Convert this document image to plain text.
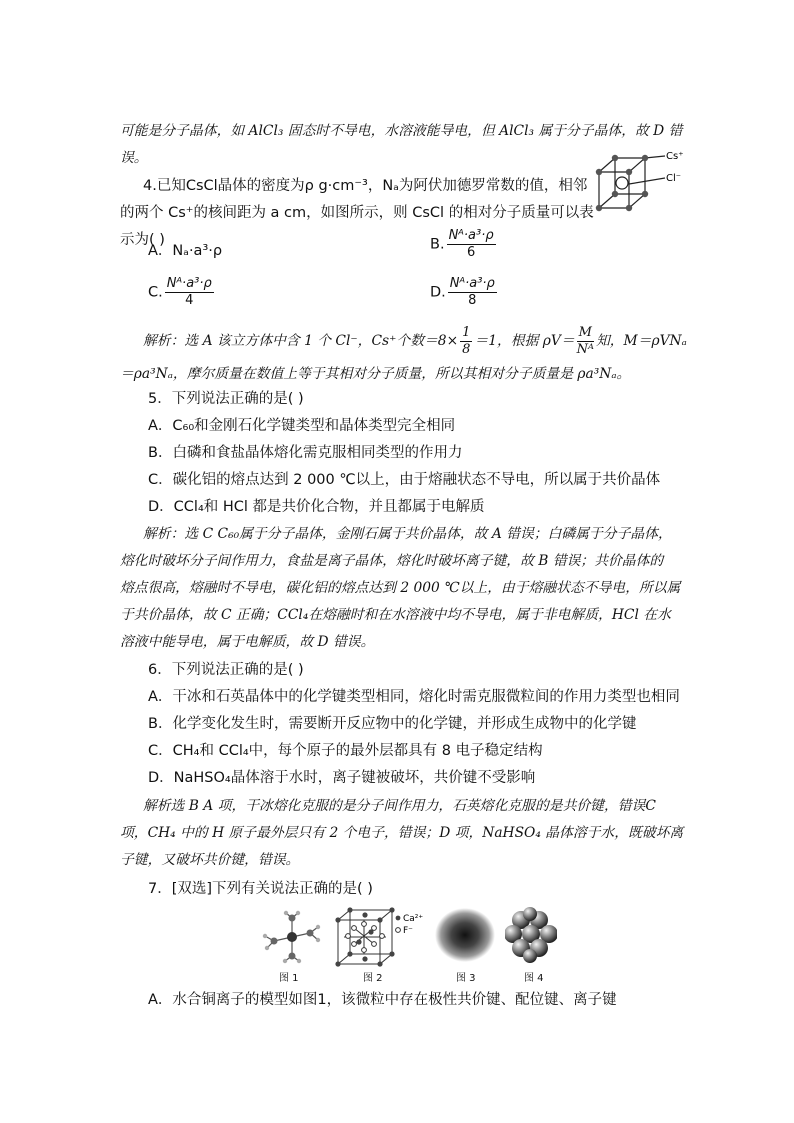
可能是分子晶体，如 AlCl₃ 固态时不导电，水溶液能导电，但 AlCl₃ 属于分子晶体，故 D 错
误。
4.已知CsCl晶体的密度为ρ g·cm⁻³，Nₐ为阿伏加德罗常数的值，相邻
的两个 Cs⁺的核间距为 a cm，如图所示，则 CsCl 的相对分子质量可以表
示为( )
Cs⁺
Cl⁻
A．Nₐ·a³·ρ	B. $\frac{\text{Nᴬ·a³·ρ}}{6}$
C. $\frac{\text{Nᴬ·a³·ρ}}{4}$	D. $\frac{\text{Nᴬ·a³·ρ}}{8}$
解析：选 A 该立方体中含 1 个 Cl⁻，Cs⁺个数$=8\times \frac{1}{8} =1$，根据 $\rho V= \frac{M}{\text{Nᴬ}}$ 知，M＝ρVNₐ
＝ρa³Nₐ，摩尔质量在数值上等于其相对分子质量，所以其相对分子质量是 ρa³Nₐ。
5．下列说法正确的是( )
A．C₆₀和金刚石化学键类型和晶体类型完全相同
B．白磷和食盐晶体熔化需克服相同类型的作用力
C．碳化铝的熔点达到 2 000 ℃以上，由于熔融状态不导电，所以属于共价晶体
D．CCl₄和 HCl 都是共价化合物，并且都属于电解质
解析：选 C C₆₀属于分子晶体，金刚石属于共价晶体，故 A 错误；白磷属于分子晶体，
熔化时破坏分子间作用力，食盐是离子晶体，熔化时破坏离子键，故 B 错误；共价晶体的
熔点很高，熔融时不导电，碳化铝的熔点达到 2 000 ℃以上，由于熔融状态不导电，所以属
于共价晶体，故 C 正确；CCl₄在熔融时和在水溶液中均不导电，属于非电解质，HCl 在水
溶液中能导电，属于电解质，故 D 错误。
6．下列说法正确的是( )
A．干冰和石英晶体中的化学键类型相同，熔化时需克服微粒间的作用力类型也相同
B．化学变化发生时，需要断开反应物中的化学键，并形成生成物中的化学键
C．CH₄和 CCl₄中，每个原子的最外层都具有 8 电子稳定结构
D．NaHSO₄晶体溶于水时，离子键被破坏，共价键不受影响
解析选 B A 项，干冰熔化克服的是分子间作用力，石英熔化克服的是共价键，错误C
项，CH₄ 中的 H 原子最外层只有 2 个电子，错误；D 项，NaHSO₄ 晶体溶于水，既破坏离
子键，又破坏共价键，错误。
7．[双选]下列有关说法正确的是( )
图 1
Ca²⁺
F⁻
图 2	图 3	图 4
A．水合铜离子的模型如图1，该微粒中存在极性共价键、配位键、离子键
